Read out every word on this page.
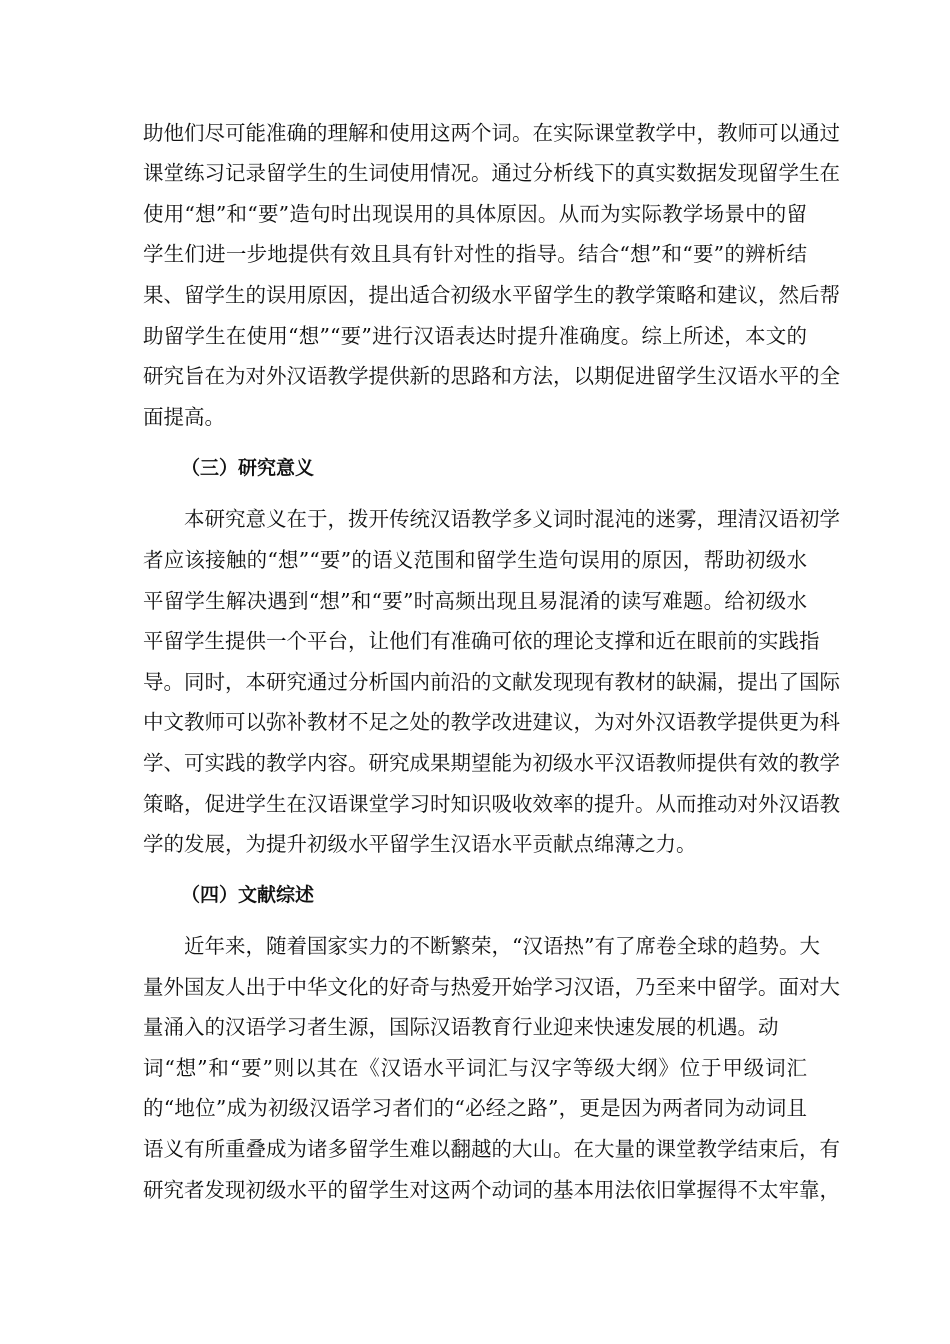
助他们尽可能准确的理解和使用这两个词。在实际课堂教学中，教师可以通过
课堂练习记录留学生的生词使用情况。通过分析线下的真实数据发现留学生在
使用“想”和“要”造句时出现误用的具体原因。从而为实际教学场景中的留
学生们进一步地提供有效且具有针对性的指导。结合“想”和“要”的辨析结
果、留学生的误用原因，提出适合初级水平留学生的教学策略和建议，然后帮
助留学生在使用“想”“要”进行汉语表达时提升准确度。综上所述，本文的
研究旨在为对外汉语教学提供新的思路和方法，以期促进留学生汉语水平的全
面提高。
（三）研究意义
本研究意义在于，拨开传统汉语教学多义词时混沌的迷雾，理清汉语初学
者应该接触的“想”“要”的语义范围和留学生造句误用的原因，帮助初级水
平留学生解决遇到“想”和“要”时高频出现且易混淆的读写难题。给初级水
平留学生提供一个平台，让他们有准确可依的理论支撑和近在眼前的实践指
导。同时，本研究通过分析国内前沿的文献发现现有教材的缺漏，提出了国际
中文教师可以弥补教材不足之处的教学改进建议，为对外汉语教学提供更为科
学、可实践的教学内容。研究成果期望能为初级水平汉语教师提供有效的教学
策略，促进学生在汉语课堂学习时知识吸收效率的提升。从而推动对外汉语教
学的发展，为提升初级水平留学生汉语水平贡献点绵薄之力。
（四）文献综述
近年来，随着国家实力的不断繁荣，“汉语热”有了席卷全球的趋势。大
量外国友人出于中华文化的好奇与热爱开始学习汉语，乃至来中留学。面对大
量涌入的汉语学习者生源，国际汉语教育行业迎来快速发展的机遇。动
词“想”和“要”则以其在《汉语水平词汇与汉字等级大纲》位于甲级词汇
的“地位”成为初级汉语学习者们的“必经之路”，更是因为两者同为动词且
语义有所重叠成为诸多留学生难以翻越的大山。在大量的课堂教学结束后，有
研究者发现初级水平的留学生对这两个动词的基本用法依旧掌握得不太牢靠，
